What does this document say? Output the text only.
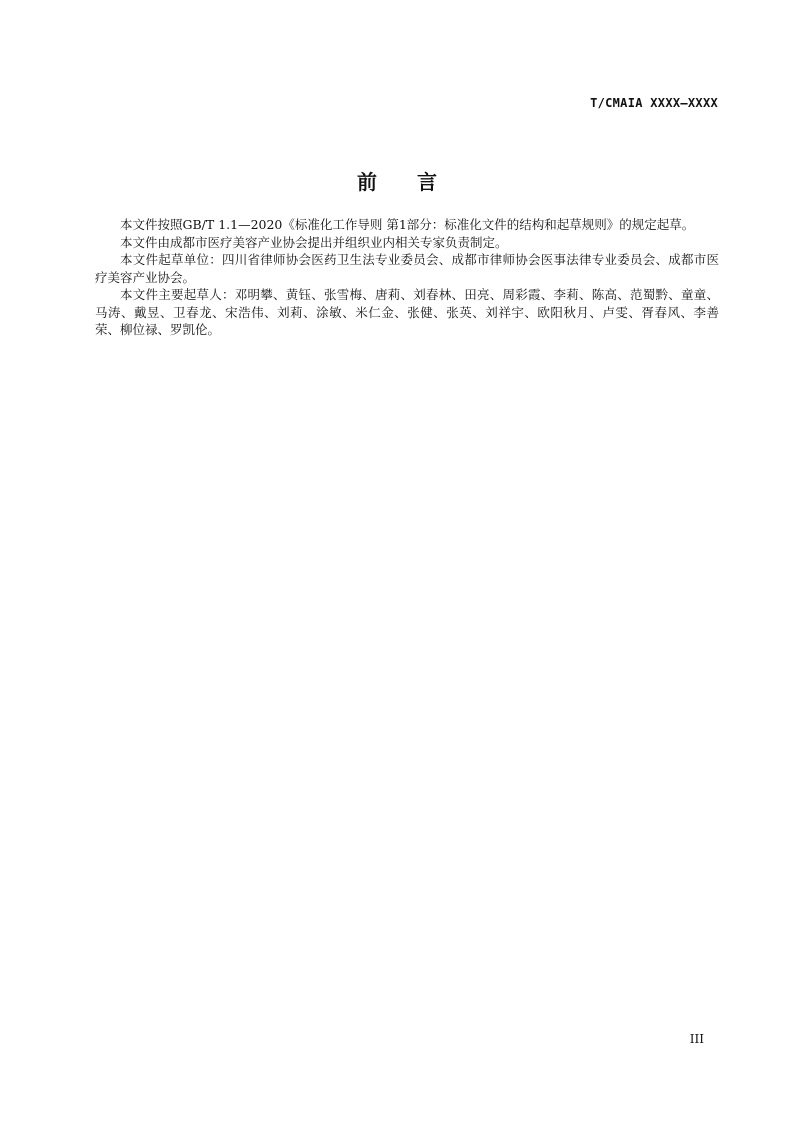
T/CMAIA XXXX—XXXX
前言

本文件按照GB/T 1.1—2020《标准化工作导则 第1部分：标准化文件的结构和起草规则》的规定起草。

本文件由成都市医疗美容产业协会提出并组织业内相关专家负责制定。

本文件起草单位：四川省律师协会医药卫生法专业委员会、成都市律师协会医事法律专业委员会、成都市医疗美容产业协会。

本文件主要起草人：邓明攀、黄钰、张雪梅、唐莉、刘春林、田亮、周彩霞、李莉、陈高、范蜀黔、童童、马涛、戴昱、卫春龙、宋浩伟、刘莉、涂敏、米仁金、张健、张英、刘祥宇、欧阳秋月、卢雯、胥春风、李善荣、柳位禄、罗凯伦。

III
